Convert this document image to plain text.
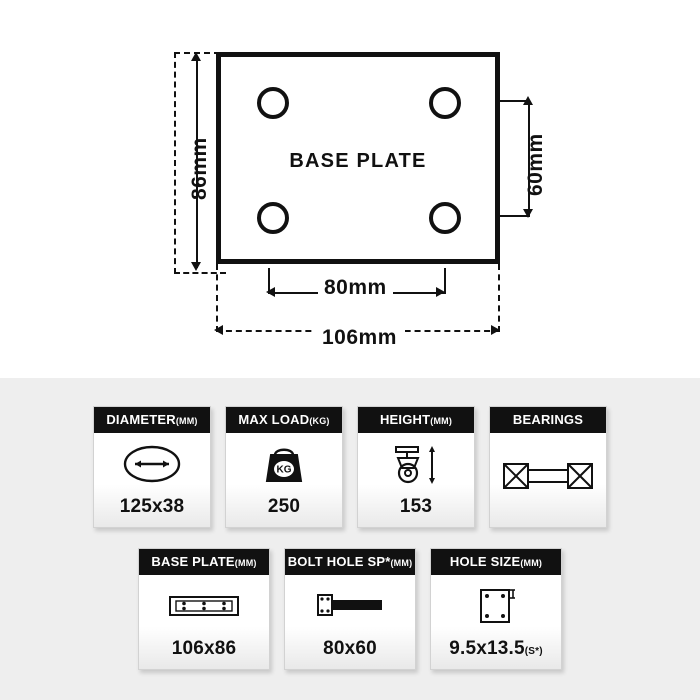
86mm	60mm
80mm
106mm
BASE PLATE
DIAMETER(MM)
125x38
MAX LOAD(KG)
KG
250
HEIGHT(MM)
153
BEARINGS
BASE PLATE(MM)
106x86
BOLT HOLE SP*(MM)
80x60
HOLE SIZE(MM)
9.5x13.5(S*)
